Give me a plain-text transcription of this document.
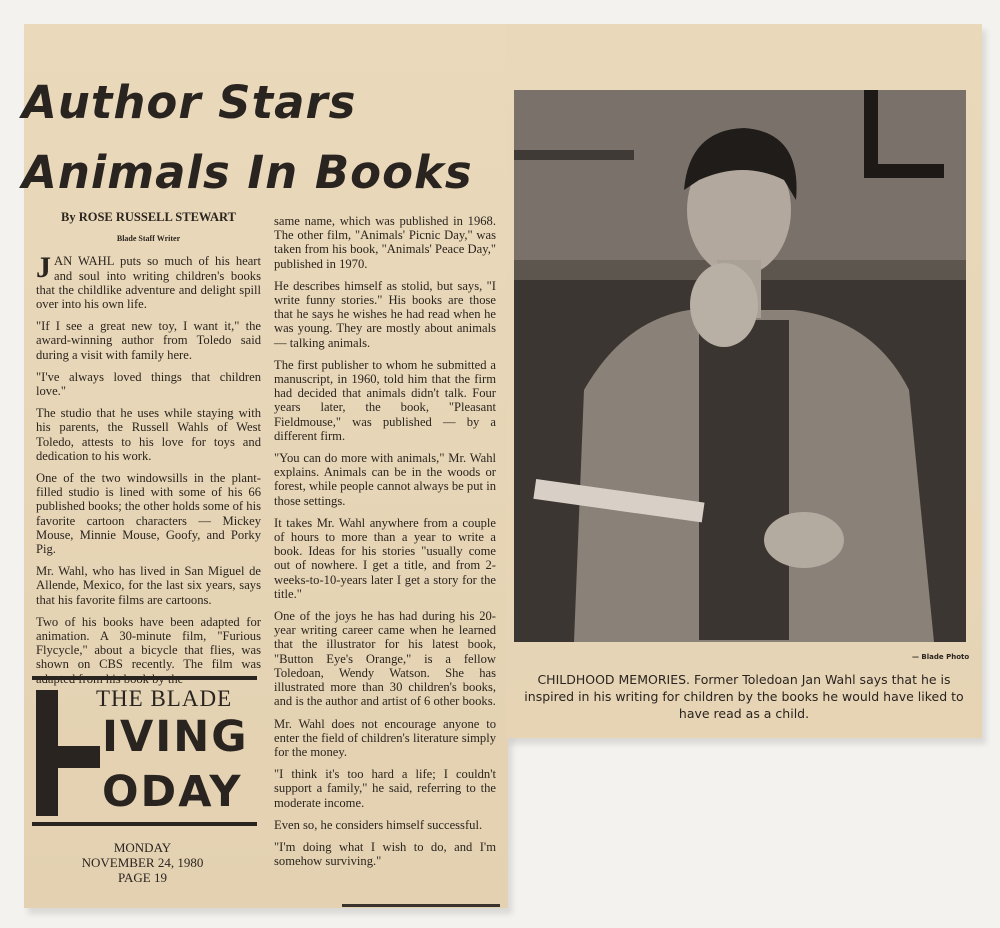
Author Stars
Animals In Books

By ROSE RUSSELL STEWART

Blade Staff Writer

JAN WAHL puts so much of his heart and soul into writing children's books that the childlike adventure and delight spill over into his own life.

"If I see a great new toy, I want it," the award-winning author from Toledo said during a visit with family here.

"I've always loved things that children love."

The studio that he uses while staying with his parents, the Russell Wahls of West Toledo, attests to his love for toys and dedication to his work.

One of the two windowsills in the plant-filled studio is lined with some of his 66 published books; the other holds some of his favorite cartoon characters — Mickey Mouse, Minnie Mouse, Goofy, and Porky Pig.

Mr. Wahl, who has lived in San Miguel de Allende, Mexico, for the last six years, says that his favorite films are cartoons.

Two of his books have been adapted for animation. A 30-minute film, "Furious Flycycle," about a bicycle that flies, was shown on CBS recently. The film was

same name, which was published in 1968. The other film, "Animals' Picnic Day," was taken from his book, "Animals' Peace Day," published in 1970.

He describes himself as stolid, but says, "I write funny stories." His books are those that he says he wishes he had read when he was young. They are mostly about animals — talking animals.

The first publisher to whom he submitted a manuscript, in 1960, told him that the firm had decided that animals didn't talk. Four years later, the book, "Pleasant Fieldmouse," was published — by a different firm.

"You can do more with animals," Mr. Wahl explains. Animals can be in the woods or forest, while people cannot always be put in those settings.

It takes Mr. Wahl anywhere from a couple of hours to more than a year to write a book. Ideas for his stories "usually come out of nowhere. I get a title, and from 2-weeks-to-10-years later I get a story for the title."

One of the joys he has had during his 20-year writing career came when he learned that the illustrator for his latest book, "Button Eye's Orange," is a fellow Toledoan, Wendy Watson. She has illustrated more than 30 children's books, and is the author and artist of 6 other books.

Mr. Wahl does not encourage anyone to enter the field of children's literature simply for the money.

"I think it's too hard a life; I couldn't support a family," he said, referring to the moderate income.

Even so, he considers himself successful.

"I'm doing what I wish to do, and I'm somehow surviving."

THE BLADE
IVING
ODAY
MONDAY
NOVEMBER 24, 1980
PAGE 19
— Blade Photo
CHILDHOOD MEMORIES. Former Toledoan Jan Wahl says that he is inspired in his writing for children by the books he would have liked to have read as a child.
